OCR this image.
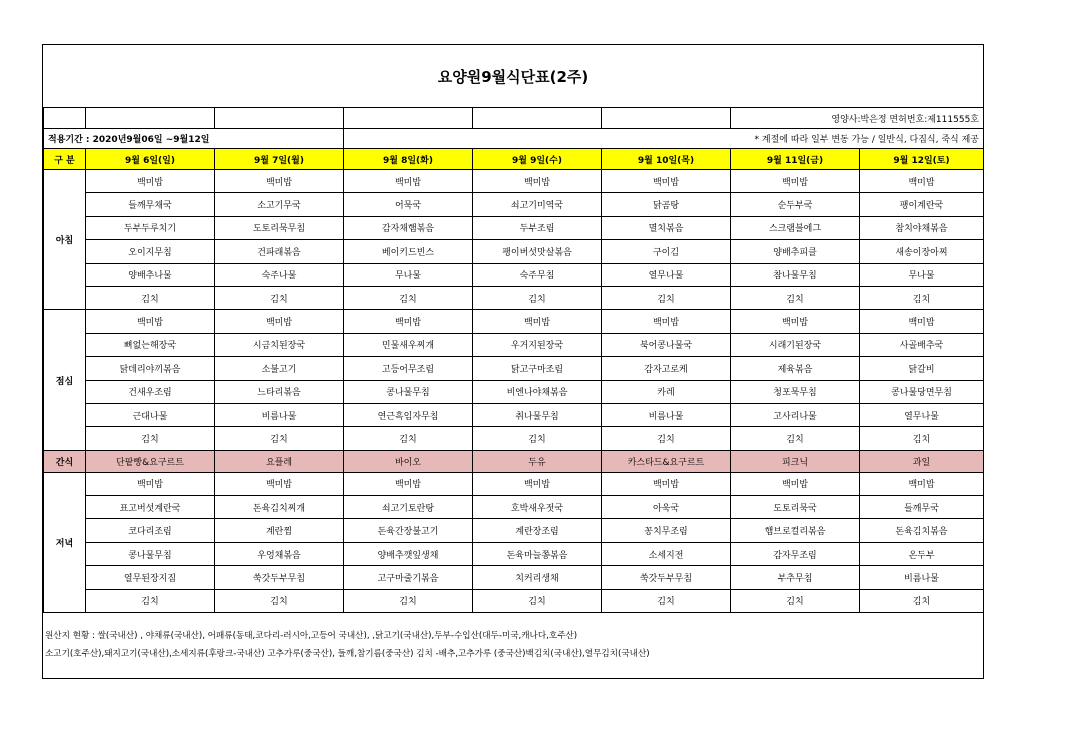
요양원9월식단표(2주)
						영양사:박은정 면허번호:제111555호	
적용기간 : 2020년9월06일 ~9월12일			* 계절에 따라 일부 변동 가능 / 일반식, 다짐식, 죽식 제공				
구 분	9월 6일(일)	9월 7일(월)	9월 8일(화)	9월 9일(수)	9월 10일(목)	9월 11일(금)	9월 12일(토)
아침	백미밥	백미밥	백미밥	백미밥	백미밥	백미밥	백미밥
	들깨무채국	소고기무국	어묵국	쇠고기미역국	닭곰탕	순두부국	팽이계란국
	두부두루치기	도토리묵무침	감자채햄볶음	두부조림	멸치볶음	스크램블에그	참치야채볶음
	오이지무침	건파래볶음	베이키드빈스	팽이버섯맛살볶음	구이김	양배추피클	새송이장아찌
	양배추나물	숙주나물	무나물	숙주무침	열무나물	참나물무침	무나물
	김치	김치	김치	김치	김치	김치	김치
점심	백미밥	백미밥	백미밥	백미밥	백미밥	백미밥	백미밥
	뼈없는해장국	시금치된장국	민물새우찌개	우거지된장국	북어콩나물국	시래기된장국	사골배추국
	닭데리야끼볶음	소불고기	고등어무조림	닭고구마조림	감자고로케	제육볶음	닭갈비
	건새우조림	느타리볶음	콩나물무침	비엔나야채볶음	카레	청포묵무침	콩나물당면무침
	근대나물	비름나물	연근흑임자무침	취나물무침	비름나물	고사리나물	열무나물
	김치	김치	김치	김치	김치	김치	김치
간식	단팥빵&요구르트	요플레	바이오	두유	카스타드&요구르트	피크닉	과일
저녁	백미밥	백미밥	백미밥	백미밥	백미밥	백미밥	백미밥
	표고버섯계란국	돈육김치찌개	쇠고기토란탕	호박새우젓국	아욱국	도토리묵국	들깨무국
	코다리조림	계란찜	돈육간장불고기	계란장조림	꽁치무조림	햄브로컬리볶음	돈육김치볶음
	콩나물무침	우엉채볶음	양배추깻잎생채	돈육마늘쫑볶음	소세지전	감자무조림	온두부
	열무된장지짐	쑥갓두부무침	고구마줄기볶음	치커리생채	쑥갓두부무침	부추무침	비름나물
	김치	김치	김치	김치	김치	김치	김치
원산지 현황 : 쌀(국내산) , 야채류(국내산), 어패류(동태,코다리-러시아,고등어 국내산), ,닭고기(국내산),두부-수입산(대두-미국,캐나다,호주산)
소고기(호주산),돼지고기(국내산),소세지류(후랑크-국내산) 고추가루(중국산), 들깨,참기름(중국산) 김치 -배추,고추가루 (중국산)백김치(국내산),열무김치(국내산)
